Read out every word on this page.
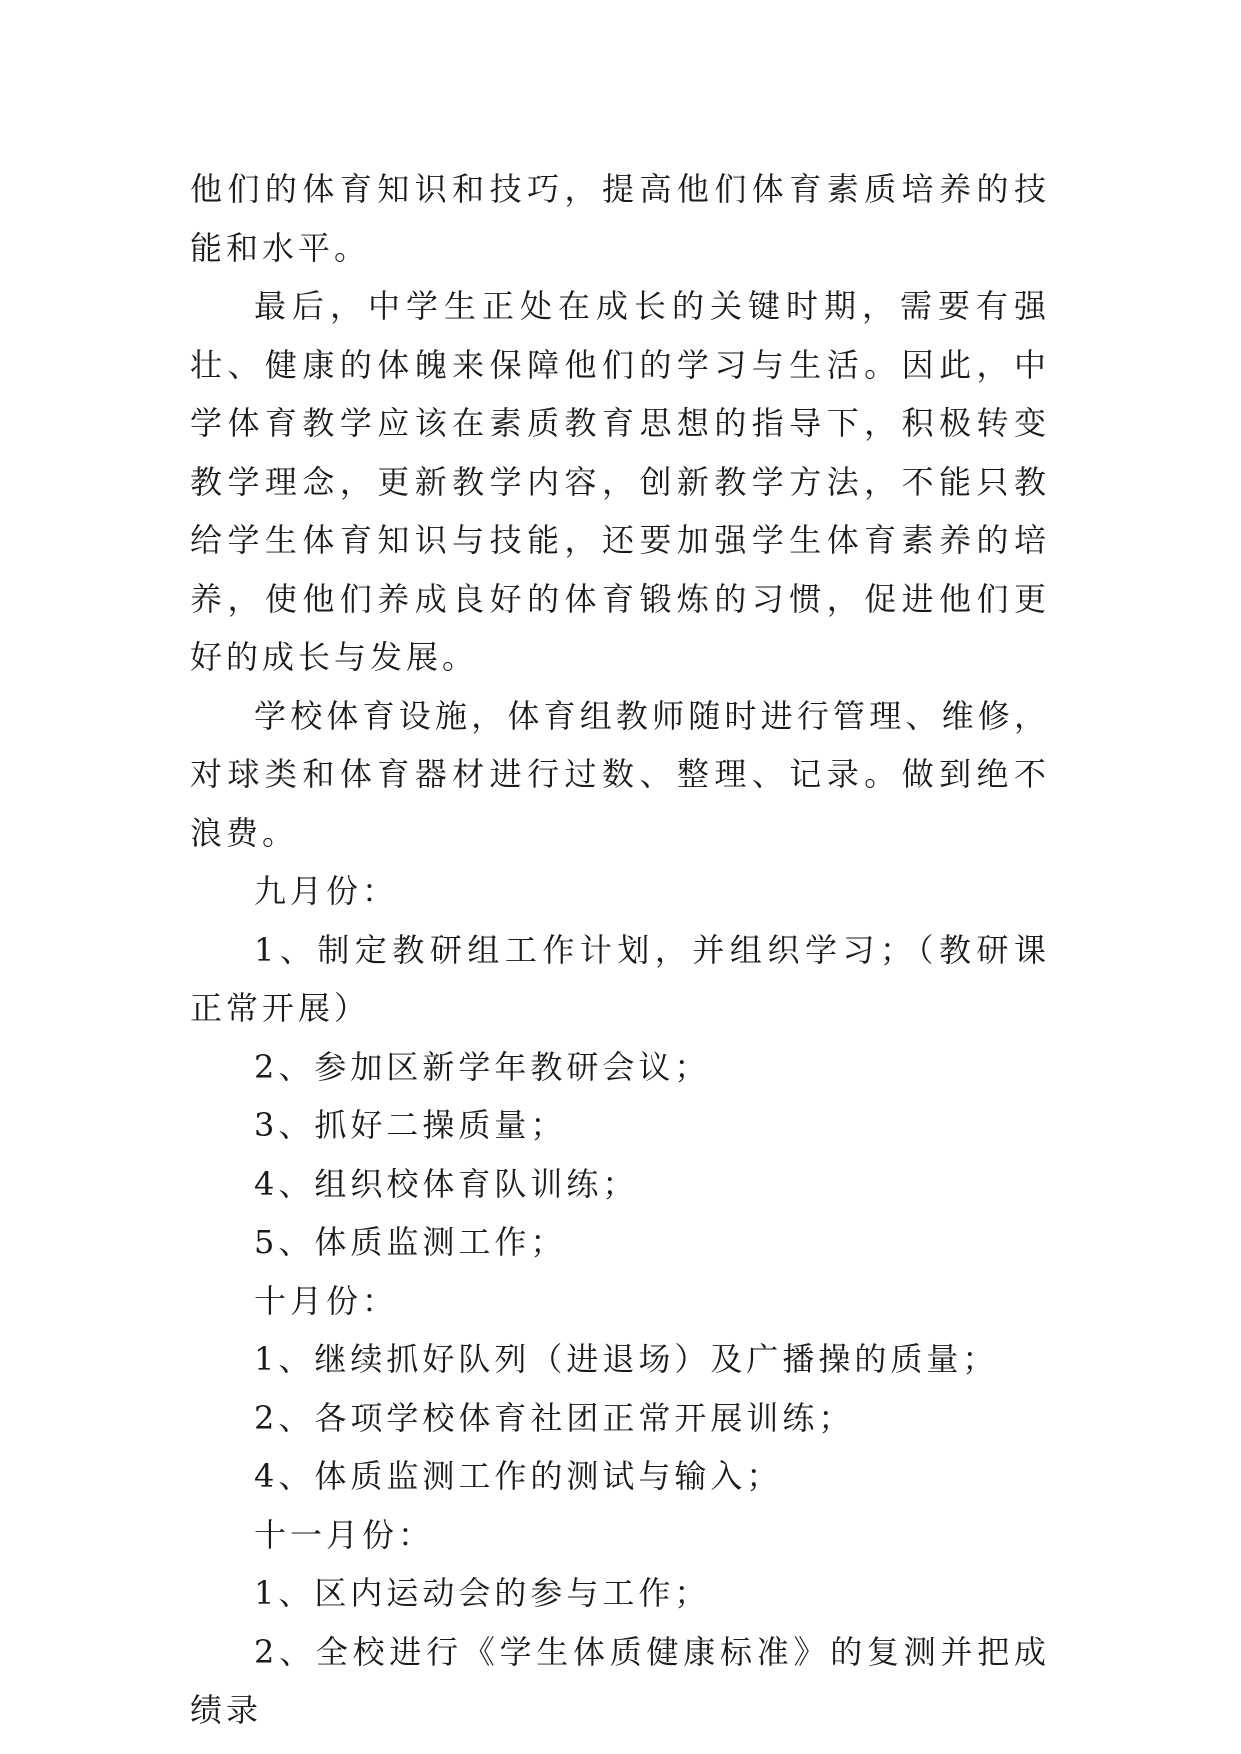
他们的体育知识和技巧，提高他们体育素质培养的技能和水平。

最后，中学生正处在成长的关键时期，需要有强壮、健康的体魄来保障他们的学习与生活。因此，中学体育教学应该在素质教育思想的指导下，积极转变教学理念，更新教学内容，创新教学方法，不能只教给学生体育知识与技能，还要加强学生体育素养的培养，使他们养成良好的体育锻炼的习惯，促进他们更好的成长与发展。

学校体育设施，体育组教师随时进行管理、维修，对球类和体育器材进行过数、整理、记录。做到绝不浪费。

九月份：

1、制定教研组工作计划，并组织学习；（教研课正常开展）

2、参加区新学年教研会议；

3、抓好二操质量；

4、组织校体育队训练；

5、体质监测工作；

十月份：

1、继续抓好队列（进退场）及广播操的质量；

2、各项学校体育社团正常开展训练；

4、体质监测工作的测试与输入；

十一月份：

1、区内运动会的参与工作；

2、全校进行《学生体质健康标准》的复测并把成绩录
